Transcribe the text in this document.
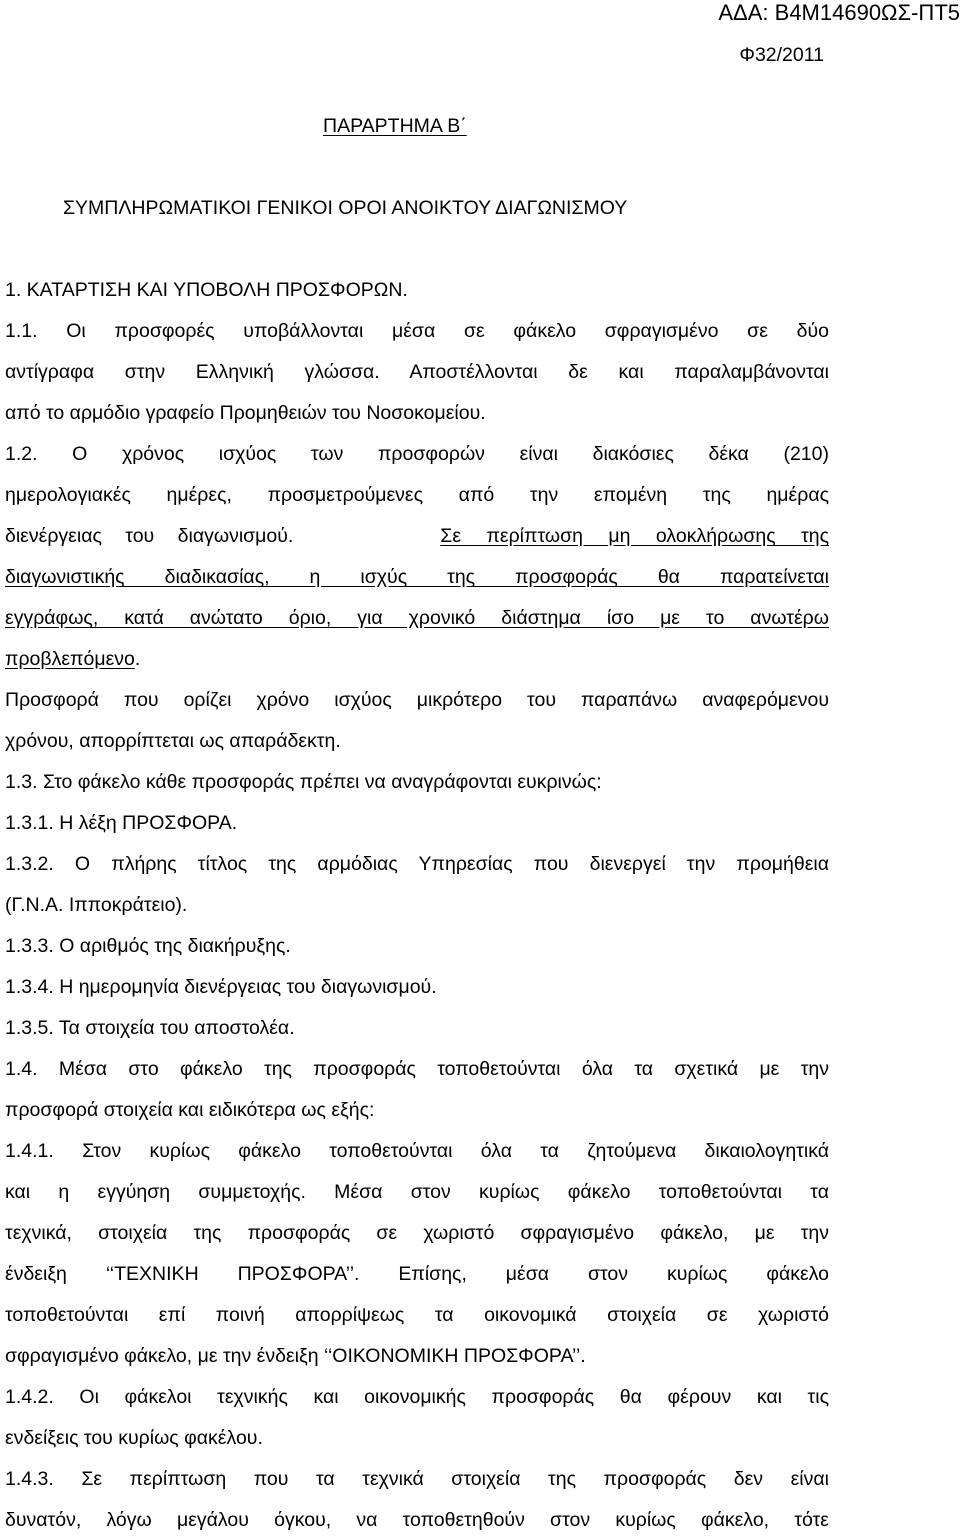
ΑΔΑ: Β4Μ14690ΩΣ-ΠΤ5
Φ32/2011
ΠΑΡΑΡΤΗΜΑ Β΄
ΣΥΜΠΛΗΡΩΜΑΤΙΚΟΙ ΓΕΝΙΚΟΙ ΟΡΟΙ ΑΝΟΙΚΤΟΥ ΔΙΑΓΩΝΙΣΜΟΥ
1. ΚΑΤΑΡΤΙΣΗ ΚΑΙ ΥΠΟΒΟΛΗ ΠΡΟΣΦΟΡΩΝ.
1.1. Οι προσφορές υποβάλλονται μέσα σε φάκελο σφραγισμένο σε δύο
αντίγραφα στην Ελληνική γλώσσα. Αποστέλλονται δε και παραλαμβάνονται
από το αρμόδιο γραφείο Προμηθειών του Νοσοκομείου.
1.2. Ο χρόνος ισχύος των προσφορών είναι διακόσιες δέκα (210)
ημερολογιακές ημέρες, προσμετρούμενες από την επομένη της ημέρας
διενέργειας του διαγωνισμού.	Σε περίπτωση μη ολοκλήρωσης της
διαγωνιστικής διαδικασίας, η ισχύς της προσφοράς θα παρατείνεται
εγγράφως, κατά ανώτατο όριο, για χρονικό διάστημα ίσο με το ανωτέρω
προβλεπόμενο.
Προσφορά που ορίζει χρόνο ισχύος μικρότερο του παραπάνω αναφερόμενου
χρόνου, απορρίπτεται ως απαράδεκτη.
1.3. Στο φάκελο κάθε προσφοράς πρέπει να αναγράφονται ευκρινώς:
1.3.1. Η λέξη ΠΡΟΣΦΟΡΑ.
1.3.2. Ο πλήρης τίτλος της αρμόδιας Υπηρεσίας που διενεργεί την προμήθεια
(Γ.Ν.Α. Ιπποκράτειο).
1.3.3. Ο αριθμός της διακήρυξης.
1.3.4. Η ημερομηνία διενέργειας του διαγωνισμού.
1.3.5. Τα στοιχεία του αποστολέα.
1.4. Μέσα στο φάκελο της προσφοράς τοποθετούνται όλα τα σχετικά με την
προσφορά στοιχεία και ειδικότερα ως εξής:
1.4.1. Στον κυρίως φάκελο τοποθετούνται όλα τα ζητούμενα δικαιολογητικά
και η εγγύηση συμμετοχής. Μέσα στον κυρίως φάκελο τοποθετούνται τα
τεχνικά, στοιχεία της προσφοράς σε χωριστό σφραγισμένο φάκελο, με την
ένδειξη ‘‘ΤΕΧΝΙΚΗ ΠΡΟΣΦΟΡΑ’’. Επίσης, μέσα στον κυρίως φάκελο
τοποθετούνται επί ποινή απορρίψεως τα οικονομικά στοιχεία σε χωριστό
σφραγισμένο φάκελο, με την ένδειξη ‘‘ΟΙΚΟΝΟΜΙΚΗ ΠΡΟΣΦΟΡΑ’’.
1.4.2. Οι φάκελοι τεχνικής και οικονομικής προσφοράς θα φέρουν και τις
ενδείξεις του κυρίως φακέλου.
1.4.3. Σε περίπτωση που τα τεχνικά στοιχεία της προσφοράς δεν είναι
δυνατόν, λόγω μεγάλου όγκου, να τοποθετηθούν στον κυρίως φάκελο, τότε
